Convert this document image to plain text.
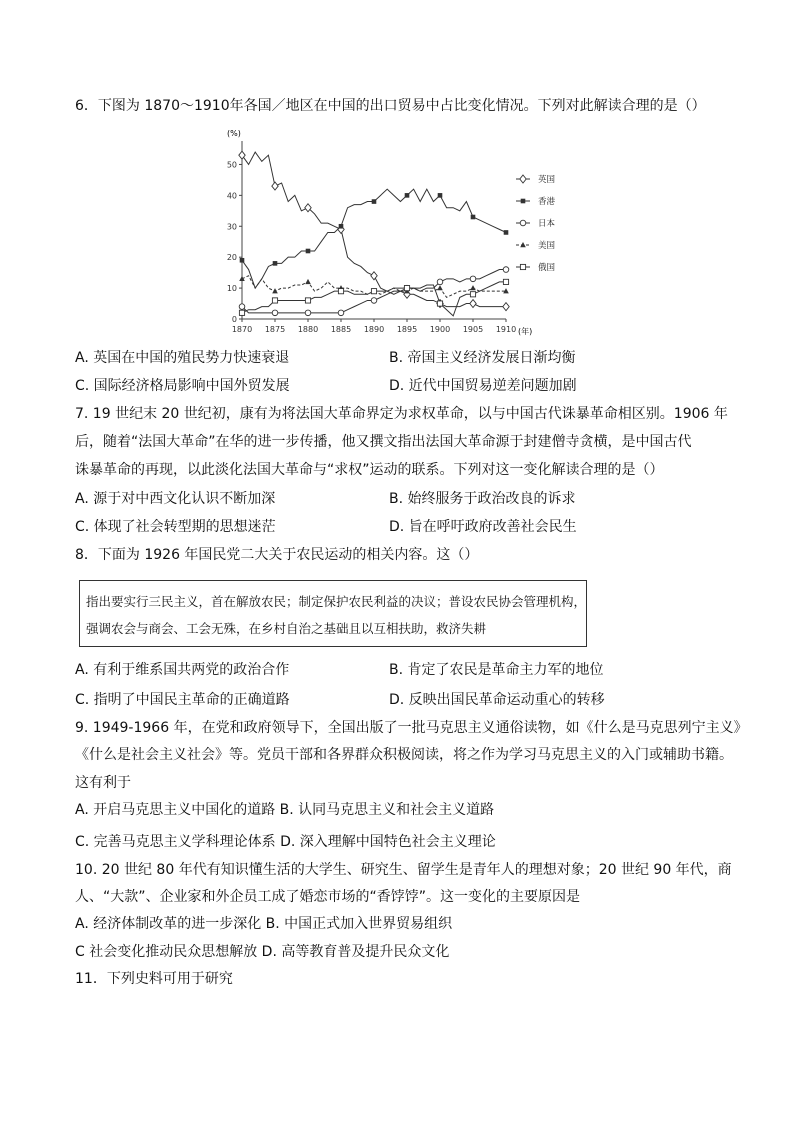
6．下图为 1870～1910年各国／地区在中国的出口贸易中占比变化情况。下列对此解读合理的是（）
(%)
(年)
0
10
20
30
40
50
1870 1875 1880 1885 1890 1895 1900 1905 1910
英国
香港
日本
美国
俄国
A. 英国在中国的殖民势力快速衰退	B. 帝国主义经济发展日渐均衡
C. 国际经济格局影响中国外贸发展	D. 近代中国贸易逆差问题加剧
7. 19 世纪末 20 世纪初，康有为将法国大革命界定为求权革命，以与中国古代诛暴革命相区别。1906 年
后，随着“法国大革命”在华的进一步传播，他又撰文指出法国大革命源于封建僧寺贪横，是中国古代
诛暴革命的再现，以此淡化法国大革命与“求权”运动的联系。下列对这一变化解读合理的是（）
A. 源于对中西文化认识不断加深	B. 始终服务于政治改良的诉求
C. 体现了社会转型期的思想迷茫	D. 旨在呼吁政府改善社会民生
8．下面为 1926 年国民党二大关于农民运动的相关内容。这（）
指出要实行三民主义，首在解放农民；制定保护农民利益的决议；普设农民协会管理机构，
强调农会与商会、工会无殊，在乡村自治之基础且以互相扶助，救济失耕
A. 有利于维系国共两党的政治合作	B. 肯定了农民是革命主力军的地位
C. 指明了中国民主革命的正确道路	D. 反映出国民革命运动重心的转移
9. 1949-1966 年，在党和政府领导下，全国出版了一批马克思主义通俗读物，如《什么是马克思列宁主义》
《什么是社会主义社会》等。党员干部和各界群众积极阅读，将之作为学习马克思主义的入门或辅助书籍。
这有利于
A. 开启马克思主义中国化的道路 B. 认同马克思主义和社会主义道路
C. 完善马克思主义学科理论体系 D. 深入理解中国特色社会主义理论
10. 20 世纪 80 年代有知识懂生活的大学生、研究生、留学生是青年人的理想对象；20 世纪 90 年代，商
人、“大款”、企业家和外企员工成了婚恋市场的“香饽饽”。这一变化的主要原因是
A. 经济体制改革的进一步深化 B. 中国正式加入世界贸易组织
C 社会变化推动民众思想解放 D. 高等教育普及提升民众文化
11．下列史料可用于研究
